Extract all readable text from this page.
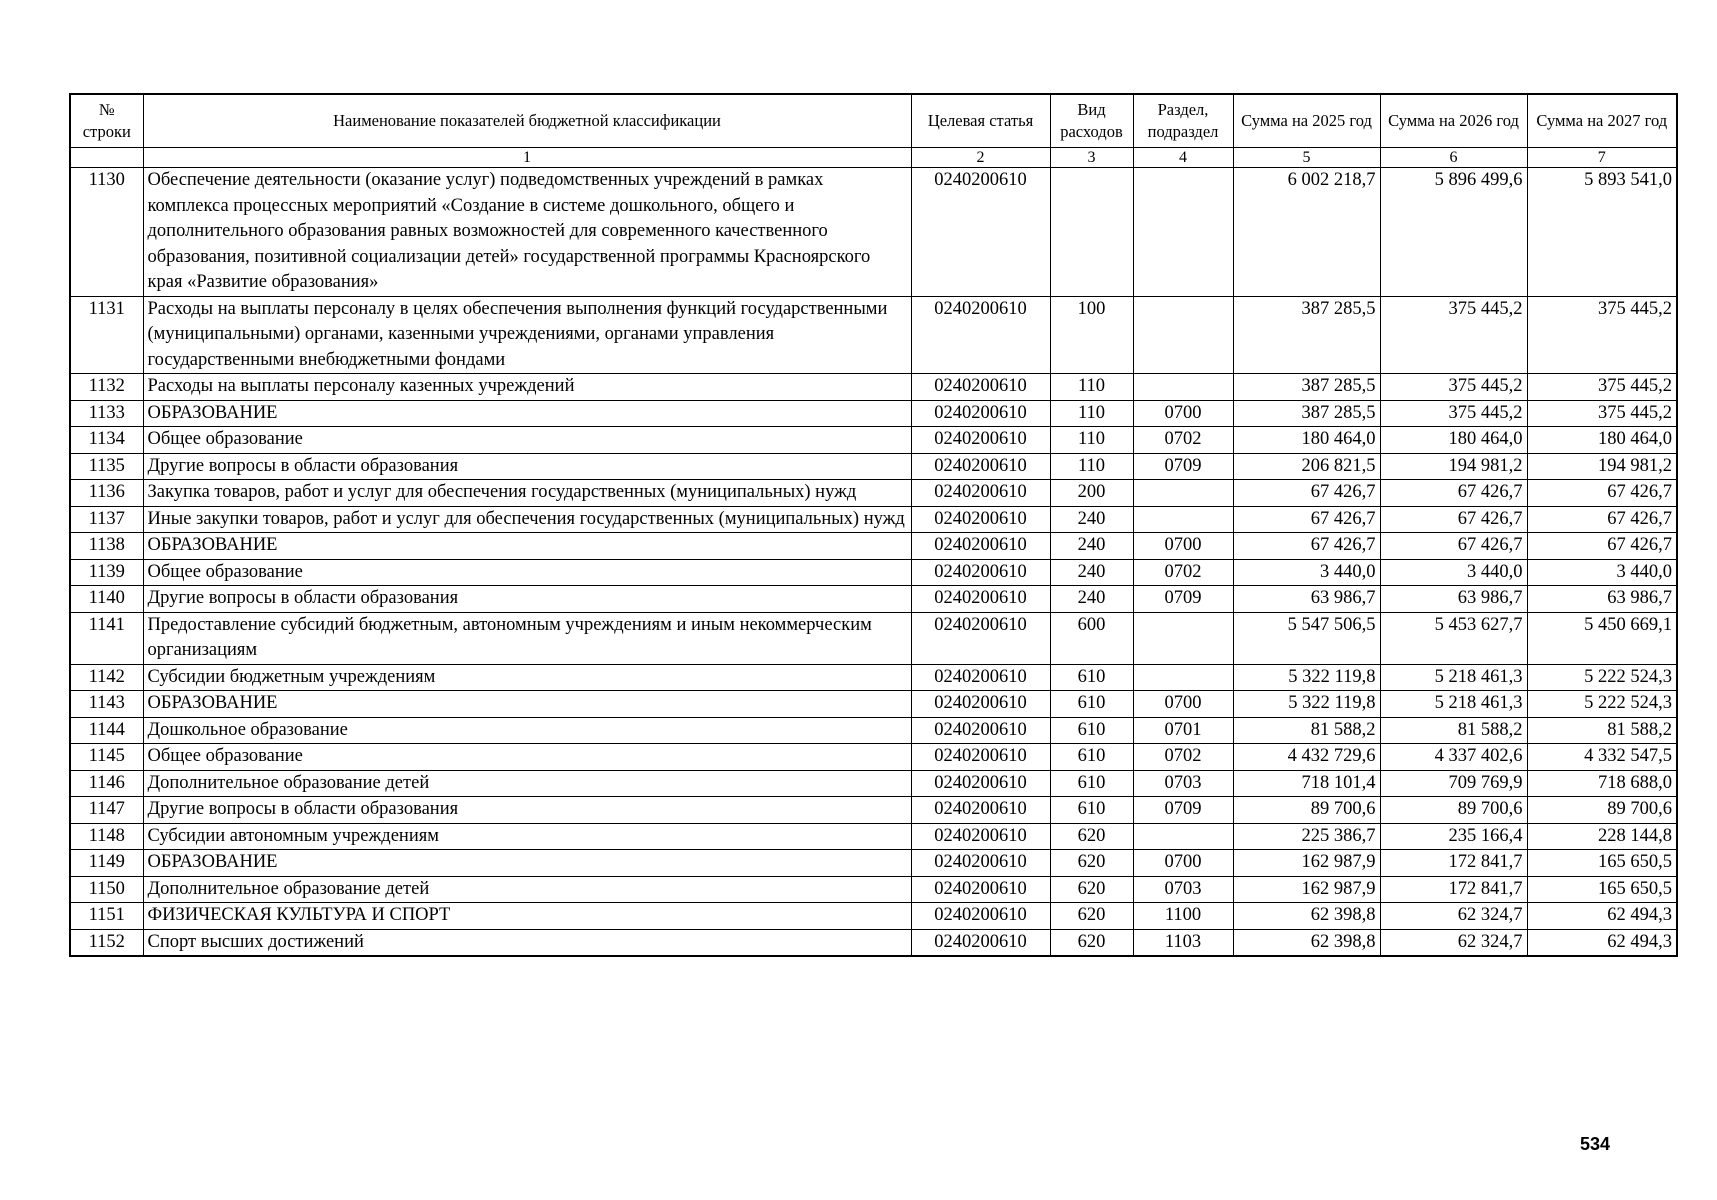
№
строки	Наименование показателей бюджетной классификации	Целевая статья	Вид расходов	Раздел, подраздел	Сумма на 2025 год	Сумма на 2026 год	Сумма на 2027 год
	1	2	3	4	5	6	7
1130	Обеспечение деятельности (оказание услуг) подведомственных учреждений в рамках комплекса процессных мероприятий «Создание в системе дошкольного, общего и дополнительного образования равных возможностей для современного качественного образования, позитивной социализации детей» государственной программы Красноярского края «Развитие образования»	0240200610			6 002 218,7	5 896 499,6	5 893 541,0
1131	Расходы на выплаты персоналу в целях обеспечения выполнения функций государственными (муниципальными) органами, казенными учреждениями, органами управления государственными внебюджетными фондами	0240200610	100		387 285,5	375 445,2	375 445,2
1132	Расходы на выплаты персоналу казенных учреждений	0240200610	110		387 285,5	375 445,2	375 445,2
1133	ОБРАЗОВАНИЕ	0240200610	110	0700	387 285,5	375 445,2	375 445,2
1134	Общее образование	0240200610	110	0702	180 464,0	180 464,0	180 464,0
1135	Другие вопросы в области образования	0240200610	110	0709	206 821,5	194 981,2	194 981,2
1136	Закупка товаров, работ и услуг для обеспечения государственных (муниципальных) нужд	0240200610	200		67 426,7	67 426,7	67 426,7
1137	Иные закупки товаров, работ и услуг для обеспечения государственных (муниципальных) нужд	0240200610	240		67 426,7	67 426,7	67 426,7
1138	ОБРАЗОВАНИЕ	0240200610	240	0700	67 426,7	67 426,7	67 426,7
1139	Общее образование	0240200610	240	0702	3 440,0	3 440,0	3 440,0
1140	Другие вопросы в области образования	0240200610	240	0709	63 986,7	63 986,7	63 986,7
1141	Предоставление субсидий бюджетным, автономным учреждениям и иным некоммерческим организациям	0240200610	600		5 547 506,5	5 453 627,7	5 450 669,1
1142	Субсидии бюджетным учреждениям	0240200610	610		5 322 119,8	5 218 461,3	5 222 524,3
1143	ОБРАЗОВАНИЕ	0240200610	610	0700	5 322 119,8	5 218 461,3	5 222 524,3
1144	Дошкольное образование	0240200610	610	0701	81 588,2	81 588,2	81 588,2
1145	Общее образование	0240200610	610	0702	4 432 729,6	4 337 402,6	4 332 547,5
1146	Дополнительное образование детей	0240200610	610	0703	718 101,4	709 769,9	718 688,0
1147	Другие вопросы в области образования	0240200610	610	0709	89 700,6	89 700,6	89 700,6
1148	Субсидии автономным учреждениям	0240200610	620		225 386,7	235 166,4	228 144,8
1149	ОБРАЗОВАНИЕ	0240200610	620	0700	162 987,9	172 841,7	165 650,5
1150	Дополнительное образование детей	0240200610	620	0703	162 987,9	172 841,7	165 650,5
1151	ФИЗИЧЕСКАЯ КУЛЬТУРА И СПОРТ	0240200610	620	1100	62 398,8	62 324,7	62 494,3
1152	Спорт высших достижений	0240200610	620	1103	62 398,8	62 324,7	62 494,3
534
